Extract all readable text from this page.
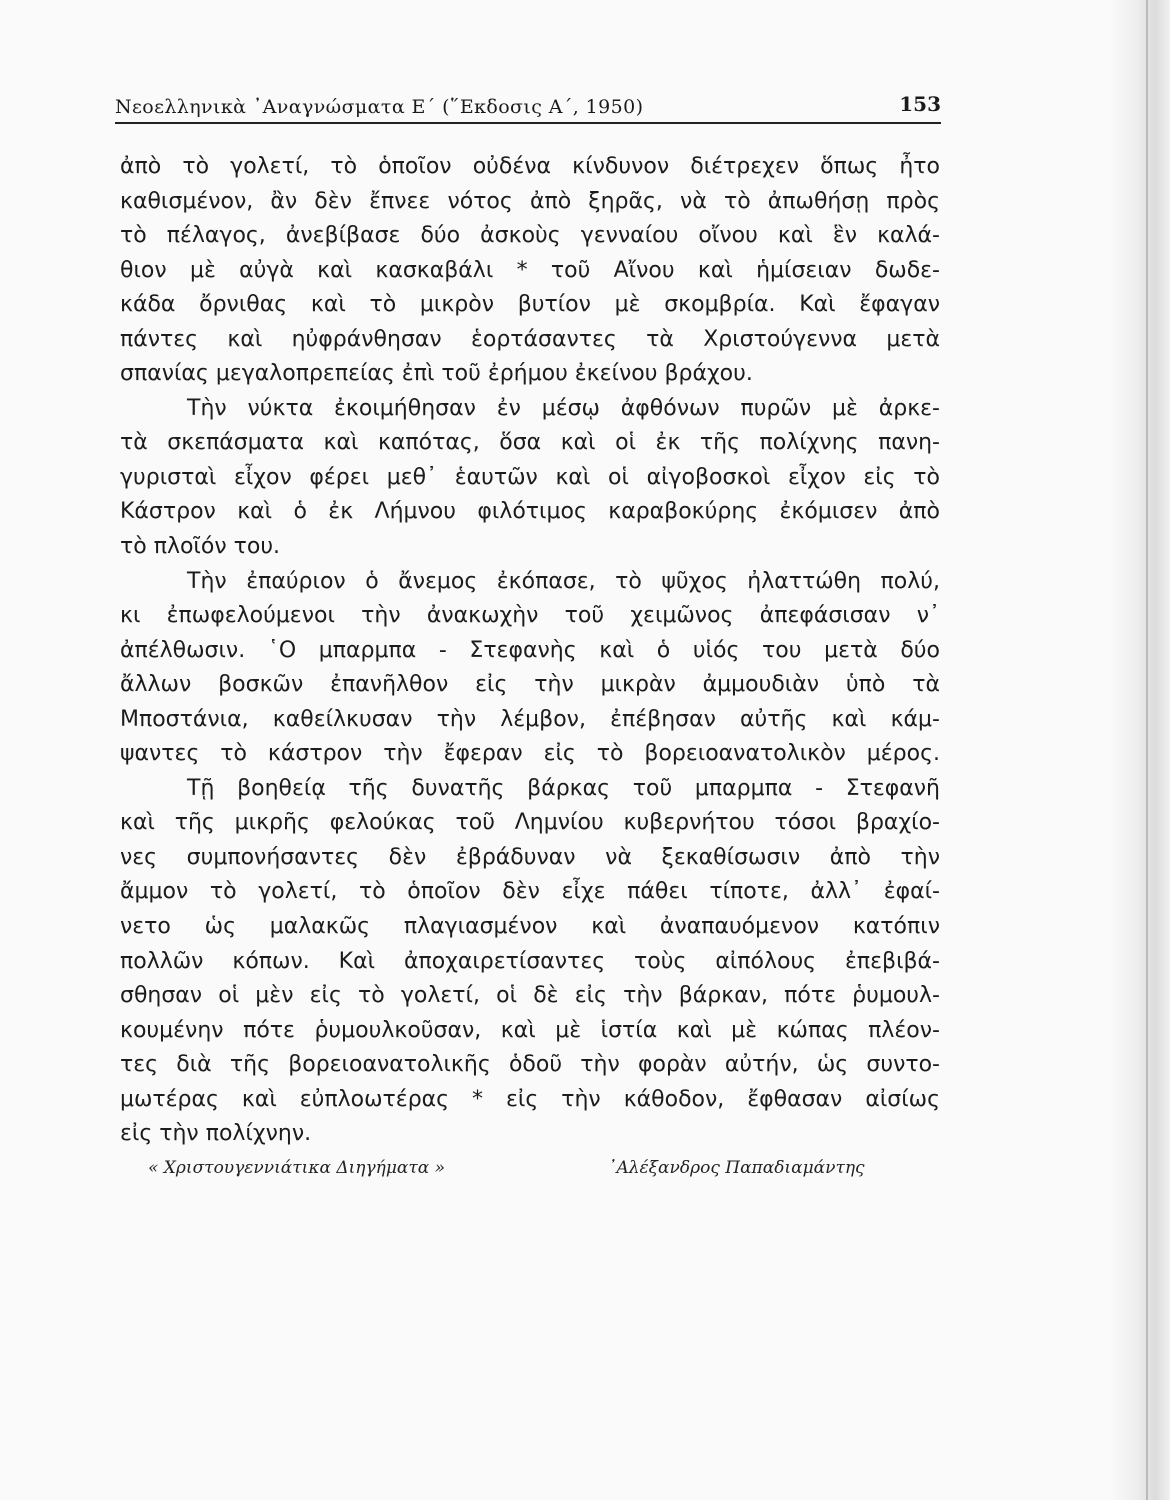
Νεοελληνικὰ ᾿Αναγνώσματα Ε΄ (῞Εκδοσις Α΄, 1950)	153
ἀπὸ τὸ γολετί, τὸ ὁποῖον οὐδένα κίνδυνον διέτρεχεν ὅπως ἦτο
καθισμένον, ἂν δὲν ἔπνεε νότος ἀπὸ ξηρᾶς, νὰ τὸ ἀπωθήσῃ πρὸς
τὸ πέλαγος, ἀνεβίβασε δύο ἀσκοὺς γενναίου οἴνου καὶ ἓν καλά-
θιον μὲ αὐγὰ καὶ κασκαβάλι * τοῦ Αἴνου καὶ ἡμίσειαν δωδε-
κάδα ὄρνιθας καὶ τὸ μικρὸν βυτίον μὲ σκομβρία. Καὶ ἔφαγαν
πάντες καὶ ηὐφράνθησαν ἑορτάσαντες τὰ Χριστούγεννα μετὰ
σπανίας μεγαλοπρεπείας ἐπὶ τοῦ ἐρήμου ἐκείνου βράχου.
Τὴν νύκτα ἐκοιμήθησαν ἐν μέσῳ ἀφθόνων πυρῶν μὲ ἀρκε-
τὰ σκεπάσματα καὶ καπότας, ὅσα καὶ οἱ ἐκ τῆς πολίχνης πανη-
γυρισταὶ εἶχον φέρει μεθ᾿ ἑαυτῶν καὶ οἱ αἰγοβοσκοὶ εἶχον εἰς τὸ
Κάστρον καὶ ὁ ἐκ Λήμνου φιλότιμος καραβοκύρης ἐκόμισεν ἀπὸ
τὸ πλοῖόν του.
Τὴν ἐπαύριον ὁ ἄνεμος ἐκόπασε, τὸ ψῦχος ἠλαττώθη πολύ,
κι ἐπωφελούμενοι τὴν ἀνακωχὴν τοῦ χειμῶνος ἀπεφάσισαν ν᾿
ἀπέλθωσιν. ῾Ο μπαρμπα - Στεφανὴς καὶ ὁ υἱός του μετὰ δύο
ἄλλων βοσκῶν ἐπανῆλθον εἰς τὴν μικρὰν ἀμμουδιὰν ὑπὸ τὰ
Μποστάνια, καθείλκυσαν τὴν λέμβον, ἐπέβησαν αὐτῆς καὶ κάμ-
ψαντες τὸ κάστρον τὴν ἔφεραν εἰς τὸ βορειοανατολικὸν μέρος.
Τῇ βοηθείᾳ τῆς δυνατῆς βάρκας τοῦ μπαρμπα - Στεφανῆ
καὶ τῆς μικρῆς φελούκας τοῦ Λημνίου κυβερνήτου τόσοι βραχίο-
νες συμπονήσαντες δὲν ἐβράδυναν νὰ ξεκαθίσωσιν ἀπὸ τὴν
ἄμμον τὸ γολετί, τὸ ὁποῖον δὲν εἶχε πάθει τίποτε, ἀλλ᾿ ἐφαί-
νετο ὡς μαλακῶς πλαγιασμένον καὶ ἀναπαυόμενον κατόπιν
πολλῶν κόπων. Καὶ ἀποχαιρετίσαντες τοὺς αἰπόλους ἐπεβιβά-
σθησαν οἱ μὲν εἰς τὸ γολετί, οἱ δὲ εἰς τὴν βάρκαν, πότε ῥυμουλ-
κουμένην πότε ῥυμουλκοῦσαν, καὶ μὲ ἱστία καὶ μὲ κώπας πλέον-
τες διὰ τῆς βορειοανατολικῆς ὁδοῦ τὴν φορὰν αὐτήν, ὡς συντο-
μωτέρας καὶ εὐπλοωτέρας * εἰς τὴν κάθοδον, ἔφθασαν αἰσίως
εἰς τὴν πολίχνην.
« Χριστουγεννιάτικα Διηγήματα »	᾿Αλέξανδρος Παπαδιαμάντης
